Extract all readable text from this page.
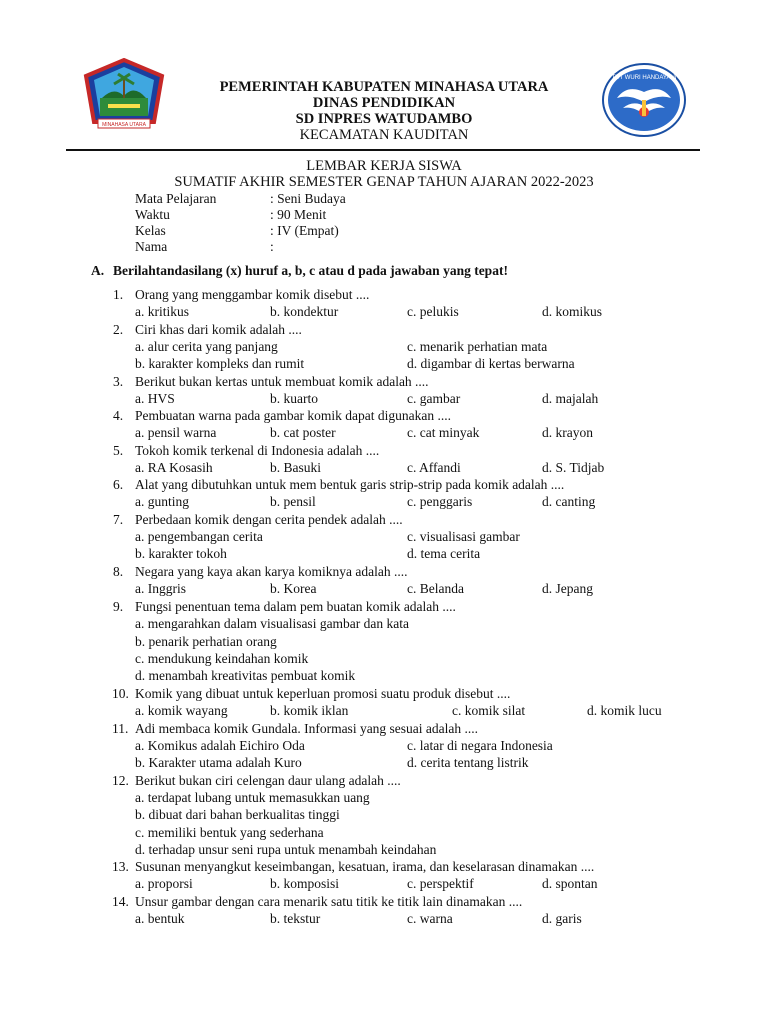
MINAHASA UTARA
TUT WURI HANDAYANI
PEMERINTAH KABUPATEN MINAHASA UTARA
DINAS PENDIDIKAN
SD INPRES WATUDAMBO
KECAMATAN KAUDITAN
LEMBAR KERJA SISWA
SUMATIF AKHIR SEMESTER GENAP TAHUN AJARAN 2022-2023
Mata Pelajaran	: Seni Budaya
Waktu	: 90 Menit
Kelas	: IV (Empat)
Nama	:
A. Berilahtandasilang (x) huruf a, b, c atau d pada jawaban yang tepat!
1. Orang yang menggambar komik disebut ....
a. kritikus	b. kondektur	c. pelukis	d. komikus
2. Ciri khas dari komik adalah ....
a. alur cerita yang panjang	c. menarik perhatian mata
b. karakter kompleks dan rumit	d. digambar di kertas berwarna
3. Berikut bukan kertas untuk membuat komik adalah ....
a. HVS	b. kuarto	c. gambar	d. majalah
4. Pembuatan warna pada gambar komik dapat digunakan ....
a. pensil warna	b. cat poster	c. cat minyak	d. krayon
5. Tokoh komik terkenal di Indonesia adalah ....
a. RA Kosasih	b. Basuki	c. Affandi	d. S. Tidjab
6. Alat yang dibutuhkan untuk mem bentuk garis strip-strip pada komik adalah ....
a. gunting	b. pensil	c. penggaris	d. canting
7. Perbedaan komik dengan cerita pendek adalah ....
a. pengembangan cerita	c. visualisasi gambar
b. karakter tokoh	d. tema cerita
8. Negara yang kaya akan karya komiknya adalah ....
a. Inggris	b. Korea	c. Belanda	d. Jepang
9. Fungsi penentuan tema dalam pem buatan komik adalah ....
a. mengarahkan dalam visualisasi gambar dan kata
b. penarik perhatian orang
c. mendukung keindahan komik
d. menambah kreativitas pembuat komik
10. Komik yang dibuat untuk keperluan promosi suatu produk disebut ....
a. komik wayang	b. komik iklan	c. komik silat	d. komik lucu
11. Adi membaca komik Gundala. Informasi yang sesuai adalah ....
a. Komikus adalah Eichiro Oda	c. latar di negara Indonesia
b. Karakter utama adalah Kuro	d. cerita tentang listrik
12. Berikut bukan ciri celengan daur ulang adalah ....
a. terdapat lubang untuk memasukkan uang
b. dibuat dari bahan berkualitas tinggi
c. memiliki bentuk yang sederhana
d. terhadap unsur seni rupa untuk menambah keindahan
13. Susunan menyangkut keseimbangan, kesatuan, irama, dan keselarasan dinamakan ....
a. proporsi	b. komposisi	c. perspektif	d. spontan
14. Unsur gambar dengan cara menarik satu titik ke titik lain dinamakan ....
a. bentuk	b. tekstur	c. warna	d. garis
